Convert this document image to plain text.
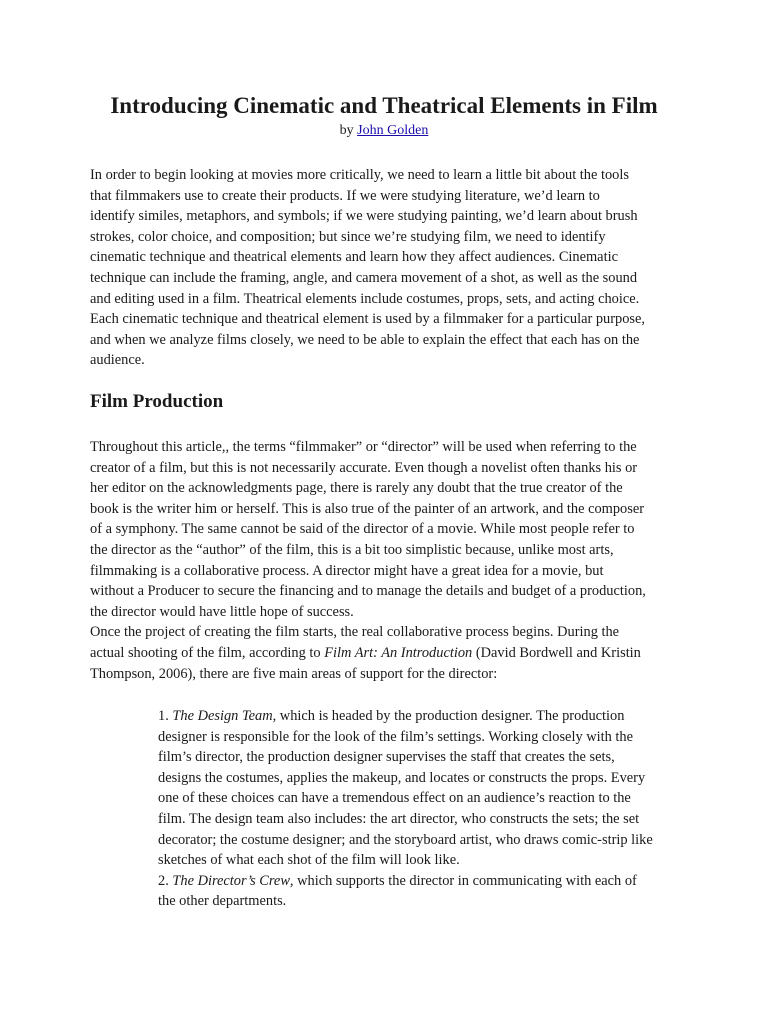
Introducing Cinematic and Theatrical Elements in Film
by John Golden

In order to begin looking at movies more critically, we need to learn a little bit about the tools
that filmmakers use to create their products. If we were studying literature, we’d learn to
identify similes, metaphors, and symbols; if we were studying painting, we’d learn about brush
strokes, color choice, and composition; but since we’re studying film, we need to identify
cinematic technique and theatrical elements and learn how they affect audiences. Cinematic
technique can include the framing, angle, and camera movement of a shot, as well as the sound
and editing used in a film. Theatrical elements include costumes, props, sets, and acting choice.
Each cinematic technique and theatrical element is used by a filmmaker for a particular purpose,
and when we analyze films closely, we need to be able to explain the effect that each has on the
audience.

Film Production

Throughout this article,, the terms “filmmaker” or “director” will be used when referring to the
creator of a film, but this is not necessarily accurate. Even though a novelist often thanks his or
her editor on the acknowledgments page, there is rarely any doubt that the true creator of the
book is the writer him or herself. This is also true of the painter of an artwork, and the composer
of a symphony. The same cannot be said of the director of a movie. While most people refer to
the director as the “author” of the film, this is a bit too simplistic because, unlike most arts,
filmmaking is a collaborative process. A director might have a great idea for a movie, but
without a Producer to secure the financing and to manage the details and budget of a production,
the director would have little hope of success.
Once the project of creating the film starts, the real collaborative process begins. During the
actual shooting of the film, according to Film Art: An Introduction (David Bordwell and Kristin
Thompson, 2006), there are five main areas of support for the director:

1. The Design Team, which is headed by the production designer. The production
designer is responsible for the look of the film’s settings. Working closely with the
film’s director, the production designer supervises the staff that creates the sets,
designs the costumes, applies the makeup, and locates or constructs the props. Every
one of these choices can have a tremendous effect on an audience’s reaction to the
film. The design team also includes: the art director, who constructs the sets; the set
decorator; the costume designer; and the storyboard artist, who draws comic-strip like
sketches of what each shot of the film will look like.
2. The Director’s Crew, which supports the director in communicating with each of
the other departments.
